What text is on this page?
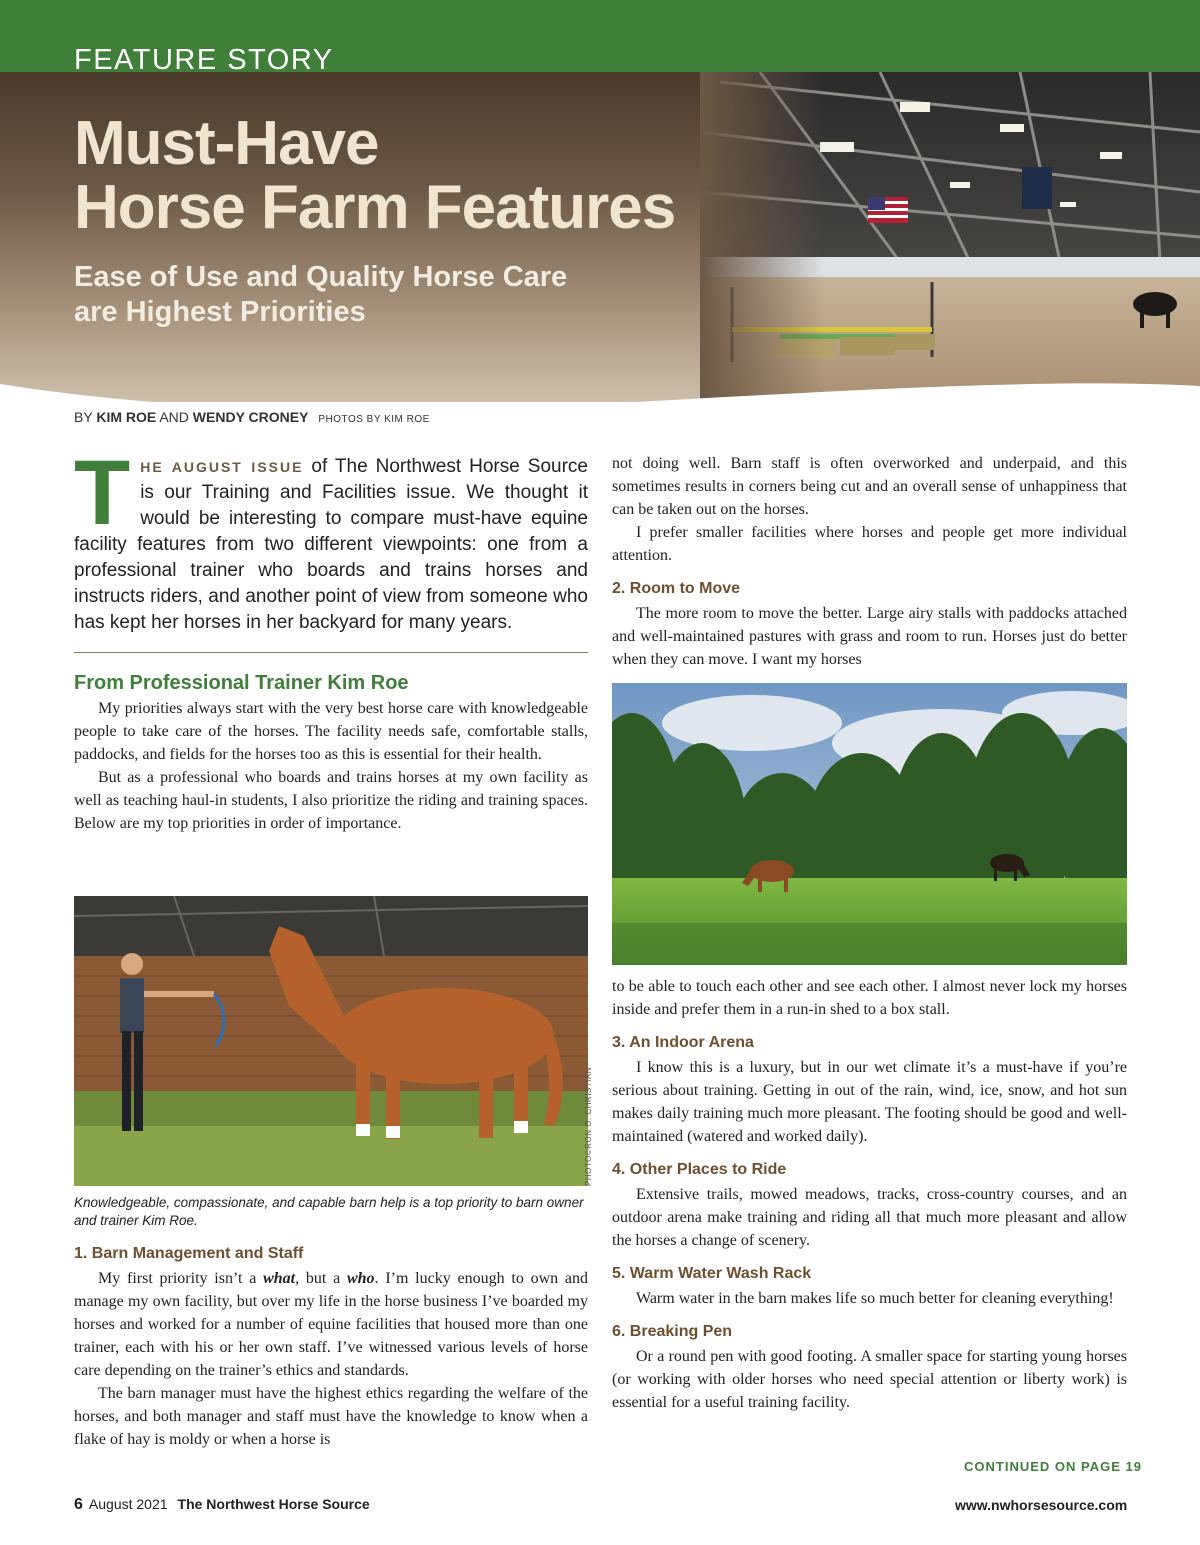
FEATURE STORY
Must-Have
Horse Farm Features
Ease of Use and Quality Horse Care
are Highest Priorities
BY KIM ROE AND WENDY CRONEY PHOTOS BY KIM ROE

THE AUGUST ISSUE of The Northwest Horse Source is our Training and Facilities issue. We thought it would be interesting to compare must-have equine facility features from two different viewpoints: one from a professional trainer who boards and trains horses and instructs riders, and another point of view from someone who has kept her horses in her backyard for many years.

From Professional Trainer Kim Roe

My priorities always start with the very best horse care with knowledgeable people to take care of the horses. The facility needs safe, comfortable stalls, paddocks, and fields for the horses too as this is essential for their health.

But as a professional who boards and trains horses at my own facility as well as teaching haul-in students, I also prioritize the riding and training spaces. Below are my top priorities in order of importance.

PHOTO©RON O. CHRISTIAN

Knowledgeable, compassionate, and capable barn help is a top priority to barn owner and trainer Kim Roe.

1. Barn Management and Staff

My first priority isn’t a what, but a who. I’m lucky enough to own and manage my own facility, but over my life in the horse business I’ve boarded my horses and worked for a number of equine facilities that housed more than one trainer, each with his or her own staff. I’ve witnessed various levels of horse care depending on the trainer’s ethics and standards.

The barn manager must have the highest ethics regarding the welfare of the horses, and both manager and staff must have the knowledge to know when a flake of hay is moldy or when a horse is

not doing well. Barn staff is often overworked and underpaid, and this sometimes results in corners being cut and an overall sense of unhappiness that can be taken out on the horses.

I prefer smaller facilities where horses and people get more individual attention.

2. Room to Move

The more room to move the better. Large airy stalls with paddocks attached and well-maintained pastures with grass and room to run. Horses just do better when they can move. I want my horses

to be able to touch each other and see each other. I almost never lock my horses inside and prefer them in a run-in shed to a box stall.

3. An Indoor Arena

I know this is a luxury, but in our wet climate it’s a must-have if you’re serious about training. Getting in out of the rain, wind, ice, snow, and hot sun makes daily training much more pleasant. The footing should be good and well-maintained (watered and worked daily).

4. Other Places to Ride

Extensive trails, mowed meadows, tracks, cross-country courses, and an outdoor arena make training and riding all that much more pleasant and allow the horses a change of scenery.

5. Warm Water Wash Rack

Warm water in the barn makes life so much better for cleaning everything!

6. Breaking Pen

Or a round pen with good footing. A smaller space for starting young horses (or working with older horses who need special attention or liberty work) is essential for a useful training facility.

CONTINUED ON PAGE 19
6 August 2021 The Northwest Horse Source	www.nwhorsesource.com
